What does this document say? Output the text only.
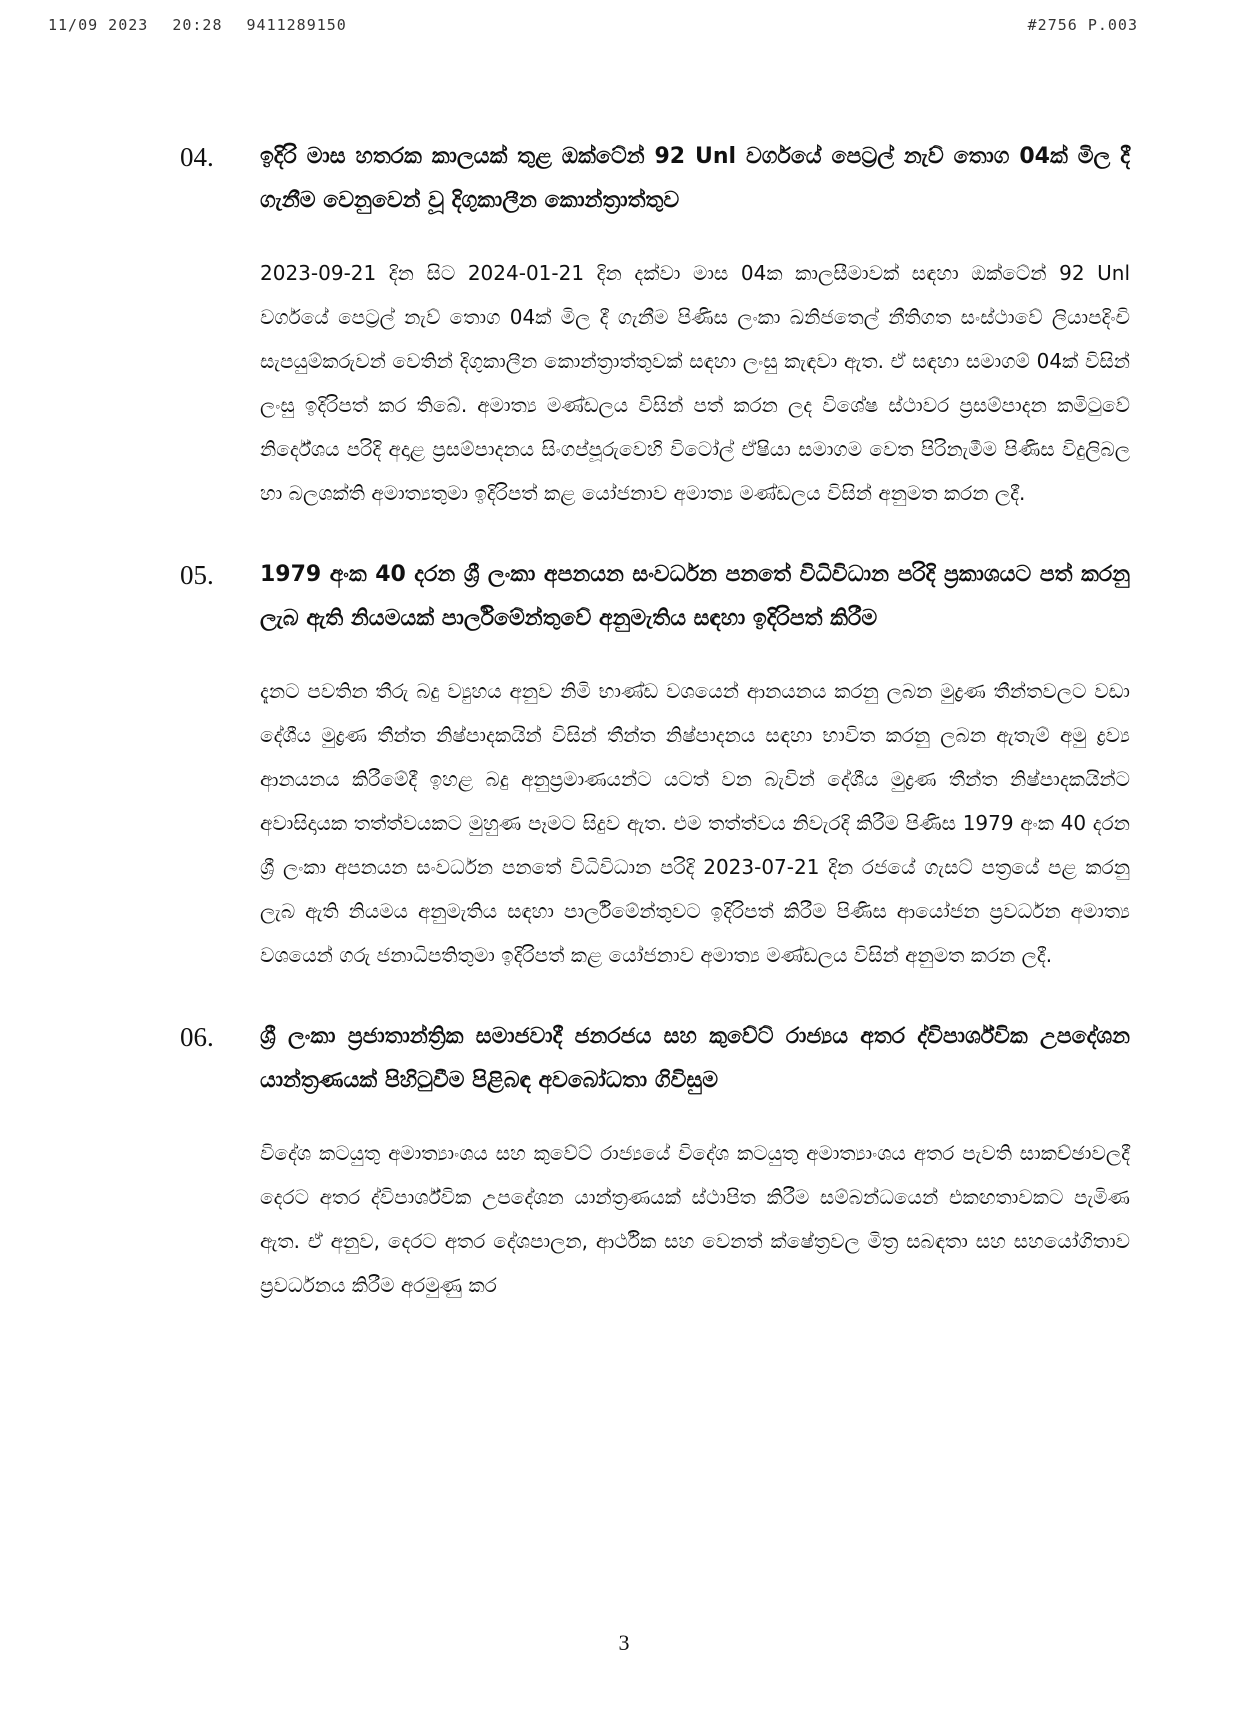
11/09 2023 20:28 9411289150	#2756 P.003
04.	ඉදිරි මාස හතරක කාලයක් තුළ ඔක්ටේන් 92 Unl වර්ගයේ පෙට්‍රල් නැව් තොග 04ක් මිල දී ගැනීම වෙනුවෙන් වූ දිගුකාලීන කොන්ත්‍රාත්තුව
2023-09-21 දින සිට 2024-01-21 දින දක්වා මාස 04ක කාලසීමාවක් සඳහා ඔක්ටේන් 92 Unl වර්ගයේ පෙට්‍රල් නැව් තොග 04ක් මිල දී ගැනීම පිණිස ලංකා ඛනිජතෙල් නීතිගත සංස්ථාවේ ලියාපදිංචි සැපයුම්කරුවන් වෙතින් දිගුකාලීන කොන්ත්‍රාත්තුවක් සඳහා ලංසු කැඳවා ඇත. ඒ සඳහා සමාගම් 04ක් විසින් ලංසු ඉදිරිපත් කර තිබේ. අමාත්‍ය මණ්ඩලය විසින් පත් කරන ලද විශේෂ ස්ථාවර ප්‍රසම්පාදන කමිටුවේ නිර්දේශය පරිදි අදාළ ප්‍රසම්පාදනය සිංගප්පූරුවෙහි විටෝල් ඒෂියා සමාගම වෙත පිරිනැමීම පිණිස විදුලිබල හා බලශක්ති අමාත්‍යතුමා ඉදිරිපත් කළ යෝජනාව අමාත්‍ය මණ්ඩලය විසින් අනුමත කරන ලදී.
05.	1979 අංක 40 දරන ශ්‍රී ලංකා අපනයන සංවර්ධන පනතේ විධිවිධාන පරිදි ප්‍රකාශයට පත් කරනු ලැබ ඇති නියමයක් පාර්ලිමේන්තුවේ අනුමැතිය සඳහා ඉදිරිපත් කිරීම
දැනට පවතින තීරු බදු ව්‍යුහය අනුව නිමි භාණ්ඩ වශයෙන් ආනයනය කරනු ලබන මුද්‍රණ තීන්තවලට වඩා දේශීය මුද්‍රණ තීන්ත නිෂ්පාදකයින් විසින් තීන්ත නිෂ්පාදනය සඳහා භාවිත කරනු ලබන ඇතැම් අමු ද්‍රව්‍ය ආනයනය කිරීමේදී ඉහළ බදු අනුප්‍රමාණයන්ට යටත් වන බැවින් දේශීය මුද්‍රණ තීන්ත නිෂ්පාදකයින්ට අවාසිදායක තත්ත්වයකට මුහුණ පෑමට සිදුව ඇත. එම තත්ත්වය නිවැරදි කිරීම පිණිස 1979 අංක 40 දරන ශ්‍රී ලංකා අපනයන සංවර්ධන පනතේ විධිවිධාන පරිදි 2023-07-21 දින රජයේ ගැසට් පත්‍රයේ පළ කරනු ලැබ ඇති නියමය අනුමැතිය සඳහා පාර්ලිමේන්තුවට ඉදිරිපත් කිරීම පිණිස ආයෝජන ප්‍රවර්ධන අමාත්‍ය වශයෙන් ගරු ජනාධිපතිතුමා ඉදිරිපත් කළ යෝජනාව අමාත්‍ය මණ්ඩලය විසින් අනුමත කරන ලදී.
06.	ශ්‍රී ලංකා ප්‍රජාතාන්ත්‍රික සමාජවාදී ජනරජය සහ කුවේට් රාජ්‍යය අතර ද්විපාර්ශ්වික උපදේශන යාන්ත්‍රණයක් පිහිටුවීම පිළිබඳ අවබෝධතා ගිවිසුම
විදේශ කටයුතු අමාත්‍යාංශය සහ කුවේට් රාජ්‍යයේ විදේශ කටයුතු අමාත්‍යාංශය අතර පැවති සාකච්ඡාවලදී දෙරට අතර ද්විපාර්ශ්වික උපදේශන යාන්ත්‍රණයක් ස්ථාපිත කිරීම සම්බන්ධයෙන් එකඟතාවකට පැමිණ ඇත. ඒ අනුව, දෙරට අතර දේශපාලන, ආර්ථික සහ වෙනත් ක්ෂේත්‍රවල මිත්‍ර සබඳතා සහ සහයෝගිතාව ප්‍රවර්ධනය කිරීම අරමුණු කර
3
